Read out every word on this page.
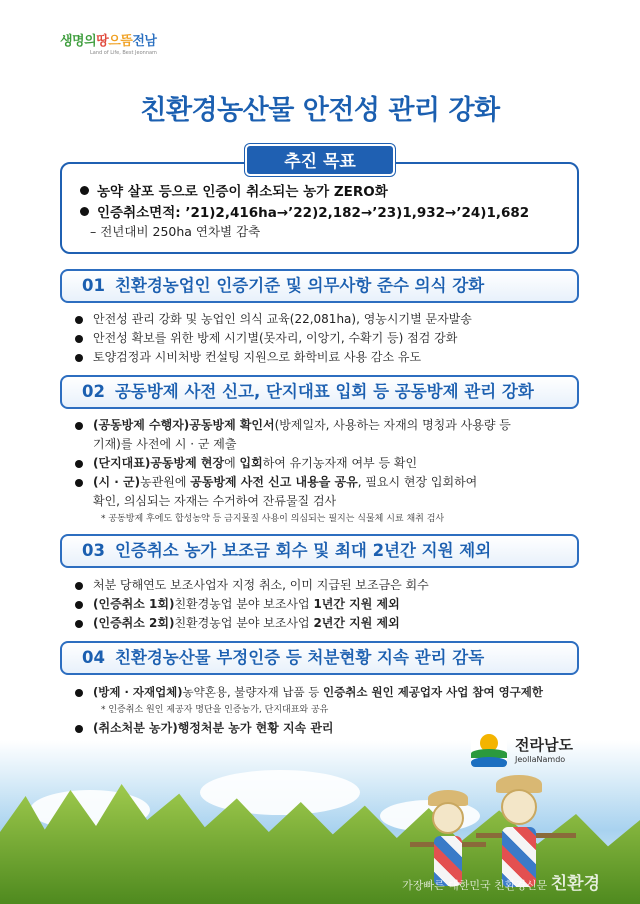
생명의땅으뜸전남
Land of Life, Best Jeonnam
친환경농산물 안전성 관리 강화
추진 목표
농약 살포 등으로 인증이 취소되는 농가 ZERO화
인증취소면적: ’21)2,416ha→’22)2,182→’23)1,932→’24)1,682
– 전년대비 250ha 연차별 감축
01 친환경농업인 인증기준 및 의무사항 준수 의식 강화
안전성 관리 강화 및 농업인 의식 교육(22,081ha), 영농시기별 문자발송
안전성 확보를 위한 방제 시기별(못자리, 이앙기, 수확기 등) 점검 강화
토양검정과 시비처방 컨설팅 지원으로 화학비료 사용 감소 유도
02 공동방제 사전 신고, 단지대표 입회 등 공동방제 관리 강화
(공동방제 수행자)공동방제 확인서(방제일자, 사용하는 자재의 명칭과 사용량 등
기재)를 사전에 시 · 군 제출
(단지대표)공동방제 현장에 입회하여 유기농자재 여부 등 확인
(시 · 군)농관원에 공동방제 사전 신고 내용을 공유, 필요시 현장 입회하여
확인, 의심되는 자재는 수거하여 잔류물질 검사
* 공동방제 후에도 합성농약 등 금지물질 사용이 의심되는 필지는 식물체 시료 채취 검사
03 인증취소 농가 보조금 회수 및 최대 2년간 지원 제외
처분 당해연도 보조사업자 지정 취소, 이미 지급된 보조금은 회수
(인증취소 1회)친환경농업 분야 보조사업 1년간 지원 제외
(인증취소 2회)친환경농업 분야 보조사업 2년간 지원 제외
04 친환경농산물 부정인증 등 처분현황 지속 관리 감독
(방제 · 자재업체)농약혼용, 불량자재 납품 등 인증취소 원인 제공업자 사업 참여 영구제한
* 인증취소 원인 제공자 명단을 인증농가, 단지대표와 공유
(취소처분 농가)행정처분 농가 현황 지속 관리
전라남도
JeollaNamdo
가장빠른 대한민국 친환경신문 친환경
